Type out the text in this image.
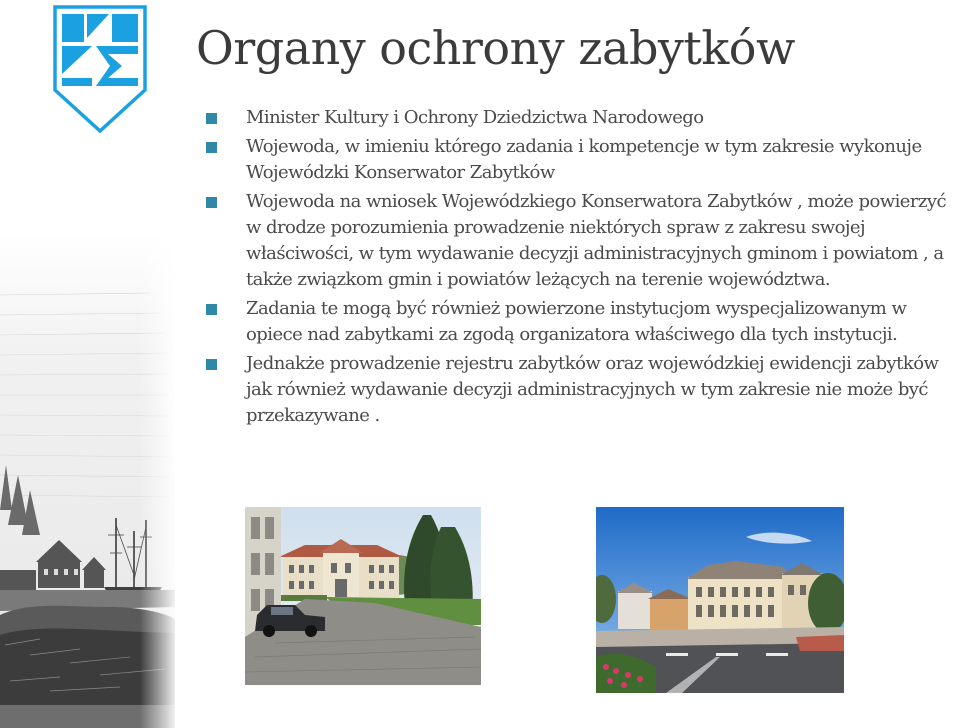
Organy ochrony zabytków
Minister Kultury i Ochrony Dziedzictwa Narodowego
Wojewoda, w imieniu którego zadania i kompetencje w tym zakresie wykonuje Wojewódzki Konserwator Zabytków
Wojewoda na wniosek Wojewódzkiego Konserwatora Zabytków , może powierzyć w drodze porozumienia prowadzenie niektórych spraw z zakresu swojej właściwości, w tym wydawanie decyzji administracyjnych gminom i powiatom , a także związkom gmin i powiatów leżących na terenie województwa.
Zadania te mogą być również powierzone instytucjom wyspecjalizowanym w opiece nad zabytkami za zgodą organizatora właściwego dla tych instytucji.
Jednakże prowadzenie rejestru zabytków oraz wojewódzkiej ewidencji zabytków jak również wydawanie decyzji administracyjnych w tym zakresie nie może być przekazywane .
